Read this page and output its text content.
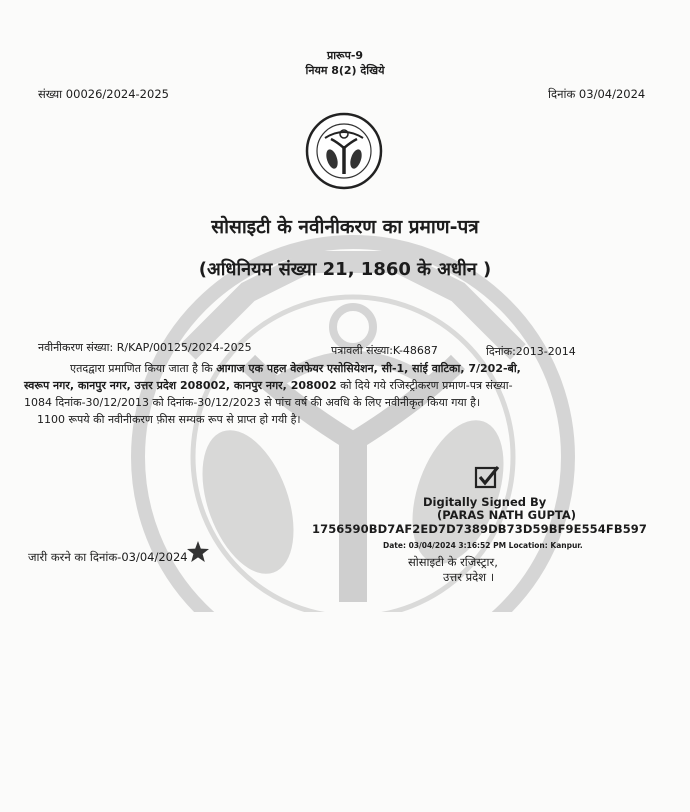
प्रारूप-9
नियम 8(2) देखिये
संख्या 00026/2024-2025	दिनांक 03/04/2024
सोसाइटी के नवीनीकरण का प्रमाण-पत्र
(अधिनियम संख्या 21, 1860 के अधीन )
नवीनीकरण संख्या: R/KAP/00125/2024-2025	पत्रावली संख्या:K-48687	दिनांक:2013-2014
एतदद्वारा प्रमाणित किया जाता है कि आगाज एक पहल वेलफेयर एसोसियेशन, सी-1, सांई वाटिका, 7/202-बी,
स्वरूप नगर, कानपुर नगर, उत्तर प्रदेश 208002, कानपुर नगर, 208002 को दिये गये रजिस्ट्रीकरण प्रमाण-पत्र संख्या-
1084 दिनांक-30/12/2013 को दिनांक-30/12/2023 से पांच वर्ष की अवधि के लिए नवीनीकृत किया गया है।
1100 रूपये की नवीनीकरण फ़ीस सम्यक रूप से प्राप्त हो गयी है।
Digitally Signed By
(PARAS NATH GUPTA)
1756590BD7AF2ED7D7389DB73D59BF9E554FB597
Date: 03/04/2024 3:16:52 PM Location: Kanpur.
जारी करने का दिनांक-03/04/2024	सोसाइटी के रजिस्ट्रार,
उत्तर प्रदेश ।
